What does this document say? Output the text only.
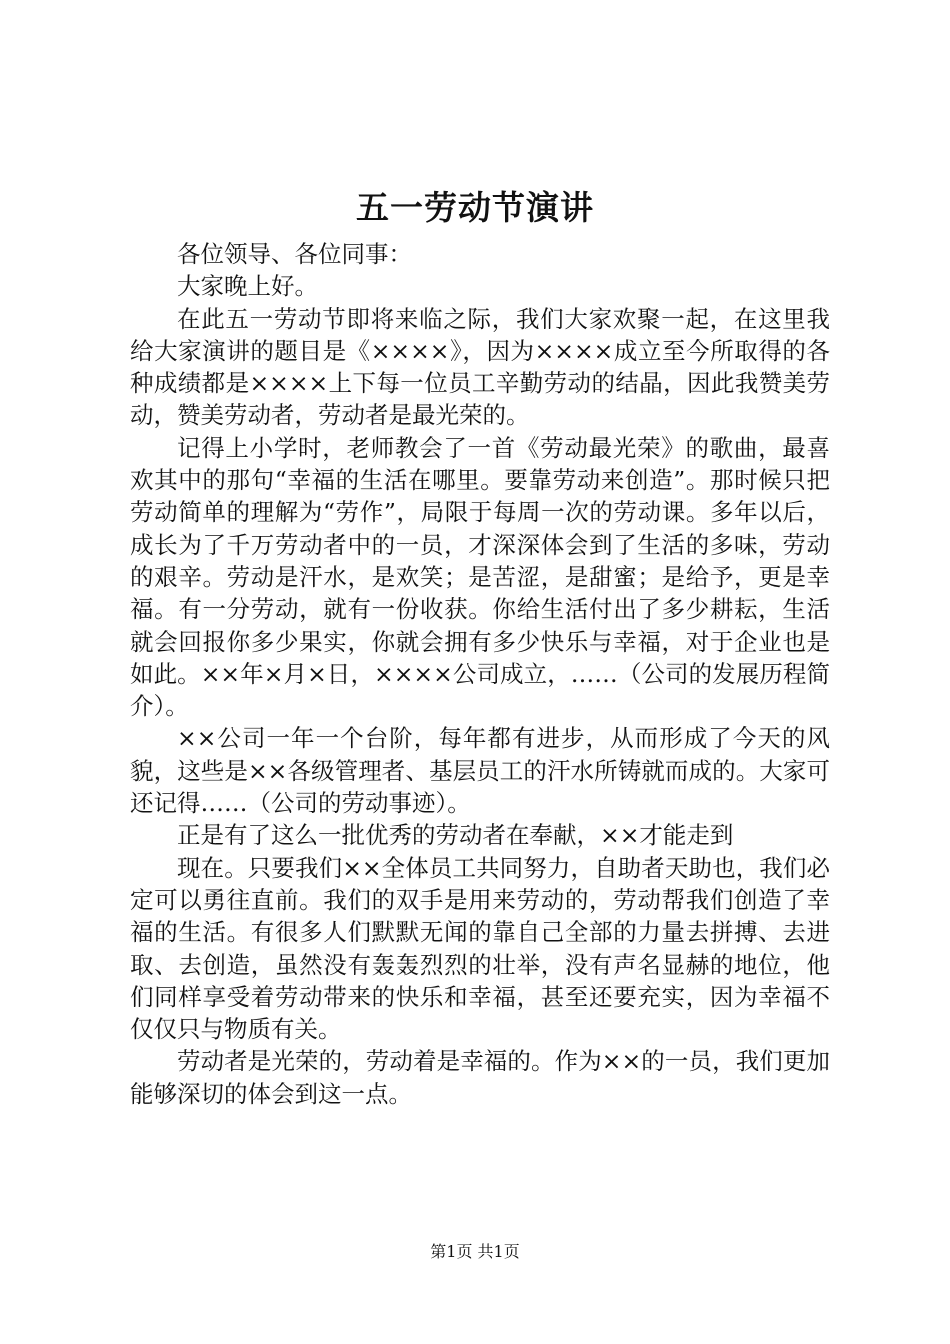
五一劳动节演讲

各位领导、各位同事：

大家晚上好。

在此五一劳动节即将来临之际，我们大家欢聚一起，在这里我给大家演讲的题目是《××××》，因为××××成立至今所取得的各种成绩都是××××上下每一位员工辛勤劳动的结晶，因此我赞美劳动，赞美劳动者，劳动者是最光荣的。

记得上小学时，老师教会了一首《劳动最光荣》的歌曲，最喜欢其中的那句“幸福的生活在哪里。要靠劳动来创造”。那时候只把劳动简单的理解为“劳作”，局限于每周一次的劳动课。多年以后，成长为了千万劳动者中的一员，才深深体会到了生活的多味，劳动的艰辛。劳动是汗水，是欢笑；是苦涩，是甜蜜；是给予，更是幸福。有一分劳动，就有一份收获。你给生活付出了多少耕耘，生活就会回报你多少果实，你就会拥有多少快乐与幸福，对于企业也是如此。××年×月×日，××××公司成立，……（公司的发展历程简介）。

××公司一年一个台阶，每年都有进步，从而形成了今天的风貌，这些是××各级管理者、基层员工的汗水所铸就而成的。大家可还记得……（公司的劳动事迹）。

正是有了这么一批优秀的劳动者在奉献，××才能走到

现在。只要我们××全体员工共同努力，自助者天助也，我们必定可以勇往直前。我们的双手是用来劳动的，劳动帮我们创造了幸福的生活。有很多人们默默无闻的靠自己全部的力量去拼搏、去进取、去创造，虽然没有轰轰烈烈的壮举，没有声名显赫的地位，他们同样享受着劳动带来的快乐和幸福，甚至还要充实，因为幸福不仅仅只与物质有关。

劳动者是光荣的，劳动着是幸福的。作为××的一员，我们更加能够深切的体会到这一点。

第1页 共1页
